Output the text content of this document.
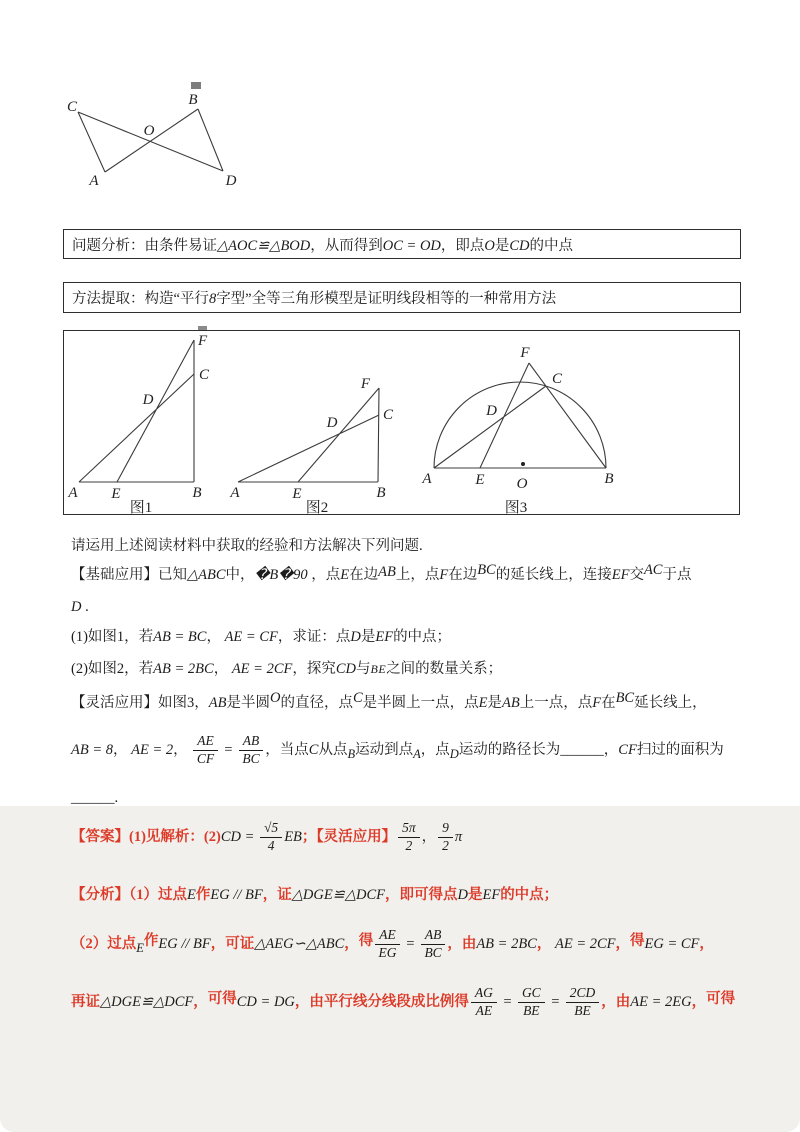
C	B
O
A	D
问题分析：由条件易证△AOC≌△BOD，从而得到OC = OD，即点O是CD的中点
方法提取：构造“平行8字型”全等三角形模型是证明线段相等的一种常用方法
A E	B
F
C
D
图1
A	E	B
F
C
D
图2
A	E O	B
F
C
D
图3
请运用上述阅读材料中获取的经验和方法解决下列问题.
【基础应用】已知△ABC中，�B�90 ，点E在边AB上，点F在边BC的延长线上，连接EF交AC于点
D .
(1)如图1，若AB = BC， AE = CF，求证：点D是EF的中点；
(2)如图2，若AB = 2BC， AE = 2CF，探究CD与BE之间的数量关系；
【灵活应用】如图3，AB是半圆O的直径，点C是半圆上一点，点E是AB上一点，点F在BC延长线上，
AB = 8， AE = 2， $\frac{AE}{CF} = \frac{AB}{BC}$ ，当点C从点B运动到点A，点D运动的路径长为______，CF扫过的面积为
______.
【答案】(1)见解析：$(2)CD = \frac{√5}{4}$ EB；【灵活应用】 $\frac{5\pi}{2}$ ， $\frac{9}{2}$ π
【分析】（1）过点E作EG // BF，证△DGE≌△DCF，即可得点D是EF的中点；
（2）过点E作EG // BF，可证△AEG∽△ABC，得 $\frac{AE}{EG} = \frac{AB}{BC}$ ，由AB = 2BC， AE = 2CF，得EG = CF，
再证△DGE≌△DCF，可得CD = DG，由平行线分线段成比例得 $\frac{AG}{AE} = \frac{GC}{BE} = \frac{2CD}{BE}$ ，由AE = 2EG，可得
